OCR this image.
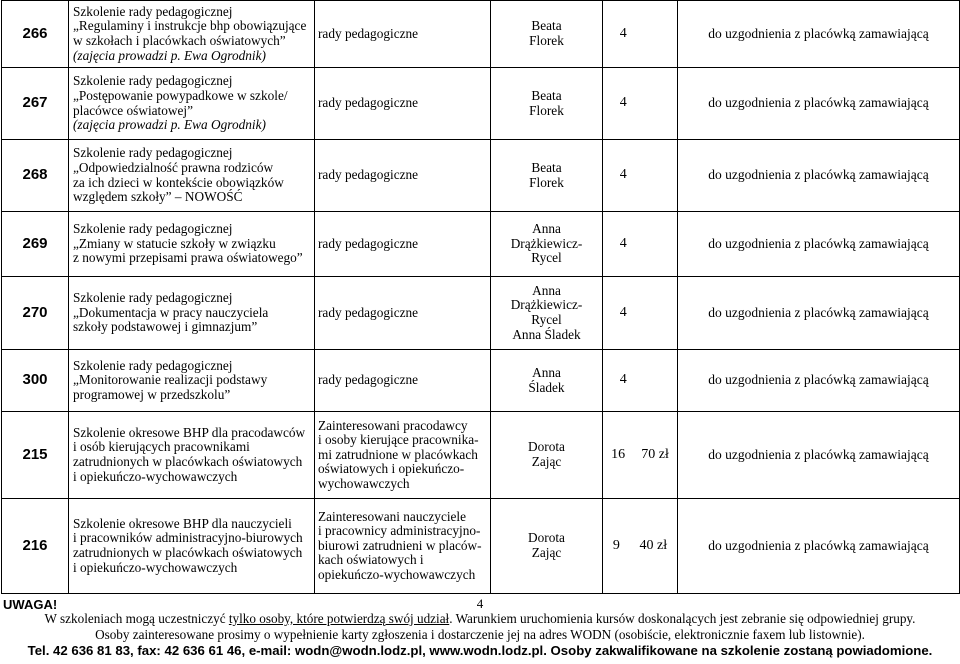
266	Szkolenie rady pedagogicznej
„Regulaminy i instrukcje bhp obowiązujące
w szkołach i placówkach oświatowych”
(zajęcia prowadzi p. Ewa Ogrodnik)	rady pedagogiczne	Beata
Florek	4	do uzgodnienia z placówką zamawiającą
267	Szkolenie rady pedagogicznej
„Postępowanie powypadkowe w szkole/
placówce oświatowej”
(zajęcia prowadzi p. Ewa Ogrodnik)	rady pedagogiczne	Beata
Florek	4	do uzgodnienia z placówką zamawiającą
268	Szkolenie rady pedagogicznej
„Odpowiedzialność prawna rodziców
za ich dzieci w kontekście obowiązków
względem szkoły” – NOWOŚĆ	rady pedagogiczne	Beata
Florek	4	do uzgodnienia z placówką zamawiającą
269	Szkolenie rady pedagogicznej
„Zmiany w statucie szkoły w związku
z nowymi przepisami prawa oświatowego”	rady pedagogiczne	Anna
Drążkiewicz-
Rycel	4	do uzgodnienia z placówką zamawiającą
270	Szkolenie rady pedagogicznej
„Dokumentacja w pracy nauczyciela
szkoły podstawowej i gimnazjum”	rady pedagogiczne	Anna
Drążkiewicz-
Rycel
Anna Śladek	4	do uzgodnienia z placówką zamawiającą
300	Szkolenie rady pedagogicznej
„Monitorowanie realizacji podstawy
programowej w przedszkolu”	rady pedagogiczne	Anna
Śladek	4	do uzgodnienia z placówką zamawiającą
215	Szkolenie okresowe BHP dla pracodawców
i osób kierujących pracownikami
zatrudnionych w placówkach oświatowych
i opiekuńczo-wychowawczych	Zainteresowani pracodawcy
i osoby kierujące pracownika-
mi zatrudnione w placówkach
oświatowych i opiekuńczo-
wychowawczych	Dorota
Zając	16 70 zł	do uzgodnienia z placówką zamawiającą
216	Szkolenie okresowe BHP dla nauczycieli
i pracowników administracyjno-biurowych
zatrudnionych w placówkach oświatowych
i opiekuńczo-wychowawczych	Zainteresowani nauczyciele
i pracownicy administracyjno-
biurowi zatrudnieni w placów-
kach oświatowych i
opiekuńczo-wychowawczych	Dorota
Zając	9 40 zł	do uzgodnienia z placówką zamawiającą
UWAGA!	4
W szkoleniach mogą uczestniczyć tylko osoby, które potwierdzą swój udział. Warunkiem uruchomienia kursów doskonalących jest zebranie się odpowiedniej grupy.
Osoby zainteresowane prosimy o wypełnienie karty zgłoszenia i dostarczenie jej na adres WODN (osobiście, elektronicznie faxem lub listownie).
Tel. 42 636 81 83, fax: 42 636 61 46, e-mail: wodn@wodn.lodz.pl, www.wodn.lodz.pl. Osoby zakwalifikowane na szkolenie zostaną powiadomione.
